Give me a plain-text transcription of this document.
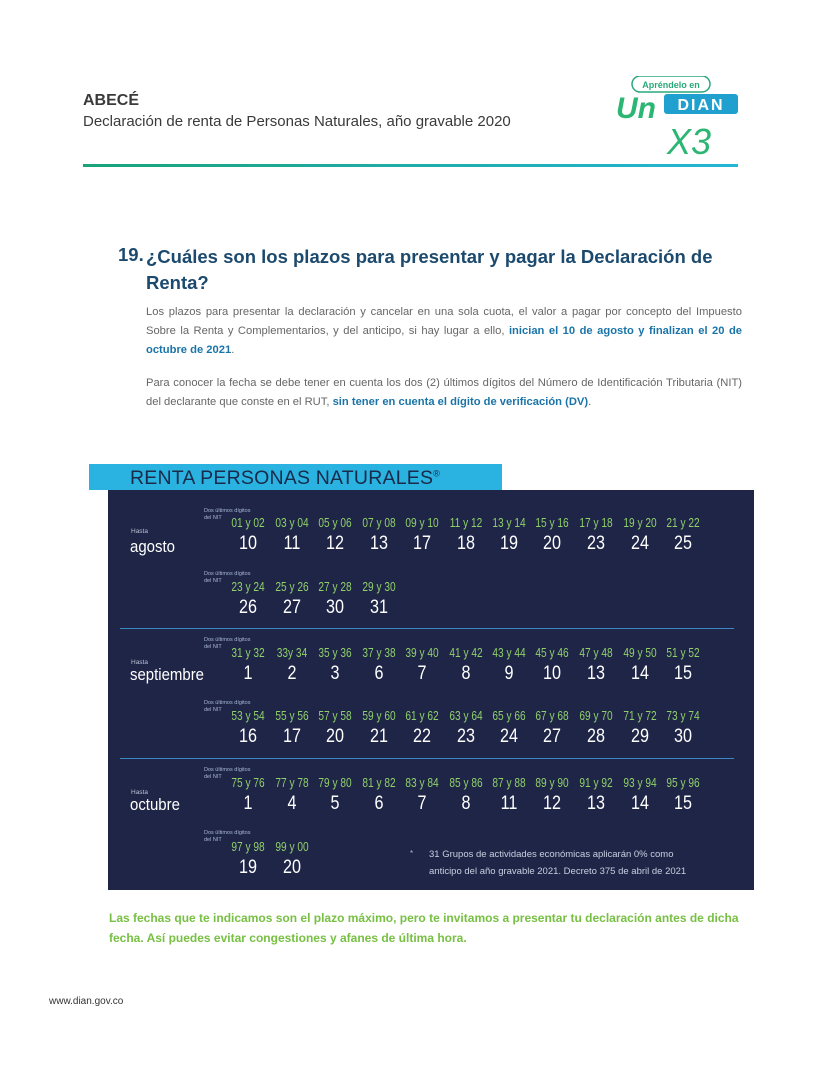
ABECÉ
Declaración de renta de Personas Naturales, año gravable 2020
Apréndelo en
Un DIAN
X3
19. ¿Cuáles son los plazos para presentar y pagar la Declaración de Renta?
Los plazos para presentar la declaración y cancelar en una sola cuota, el valor a pagar por concepto del Impuesto Sobre la Renta y Complementarios, y del anticipo, si hay lugar a ello, inician el 10 de agosto y finalizan el 20 de octubre de 2021.
Para conocer la fecha se debe tener en cuenta los dos (2) últimos dígitos del Número de Identificación Tributaria (NIT) del declarante que conste en el RUT, sin tener en cuenta el dígito de verificación (DV).
RENTA PERSONAS NATURALES®
Hasta
agosto
Hasta
septiembre
Hasta
octubre
Dos últimos dígitos del NIT
Dos últimos dígitos del NIT
Dos últimos dígitos del NIT
Dos últimos dígitos del NIT
Dos últimos dígitos del NIT
Dos últimos dígitos del NIT
01 y 02
10
03 y 04
11
05 y 06
12
07 y 08
13
09 y 10
17
11 y 12
18
13 y 14
19
15 y 16
20
17 y 18
23
19 y 20
24
21 y 22
25
23 y 24
26
25 y 26
27
27 y 28
30
29 y 30
31
31 y 32
1
33y 34
2
35 y 36
3
37 y 38
6
39 y 40
7
41 y 42
8
43 y 44
9
45 y 46
10
47 y 48
13
49 y 50
14
51 y 52
15
53 y 54
16
55 y 56
17
57 y 58
20
59 y 60
21
61 y 62
22
63 y 64
23
65 y 66
24
67 y 68
27
69 y 70
28
71 y 72
29
73 y 74
30
75 y 76
1
77 y 78
4
79 y 80
5
81 y 82
6
83 y 84
7
85 y 86
8
87 y 88
11
89 y 90
12
91 y 92
13
93 y 94
14
95 y 96
15
97 y 98
19
99 y 00
20
* 31 Grupos de actividades económicas aplicarán 0% como anticipo del año gravable 2021. Decreto 375 de abril de 2021
Las fechas que te indicamos son el plazo máximo, pero te invitamos a presentar tu declaración antes de dicha fecha. Así puedes evitar congestiones y afanes de última hora.
www.dian.gov.co
